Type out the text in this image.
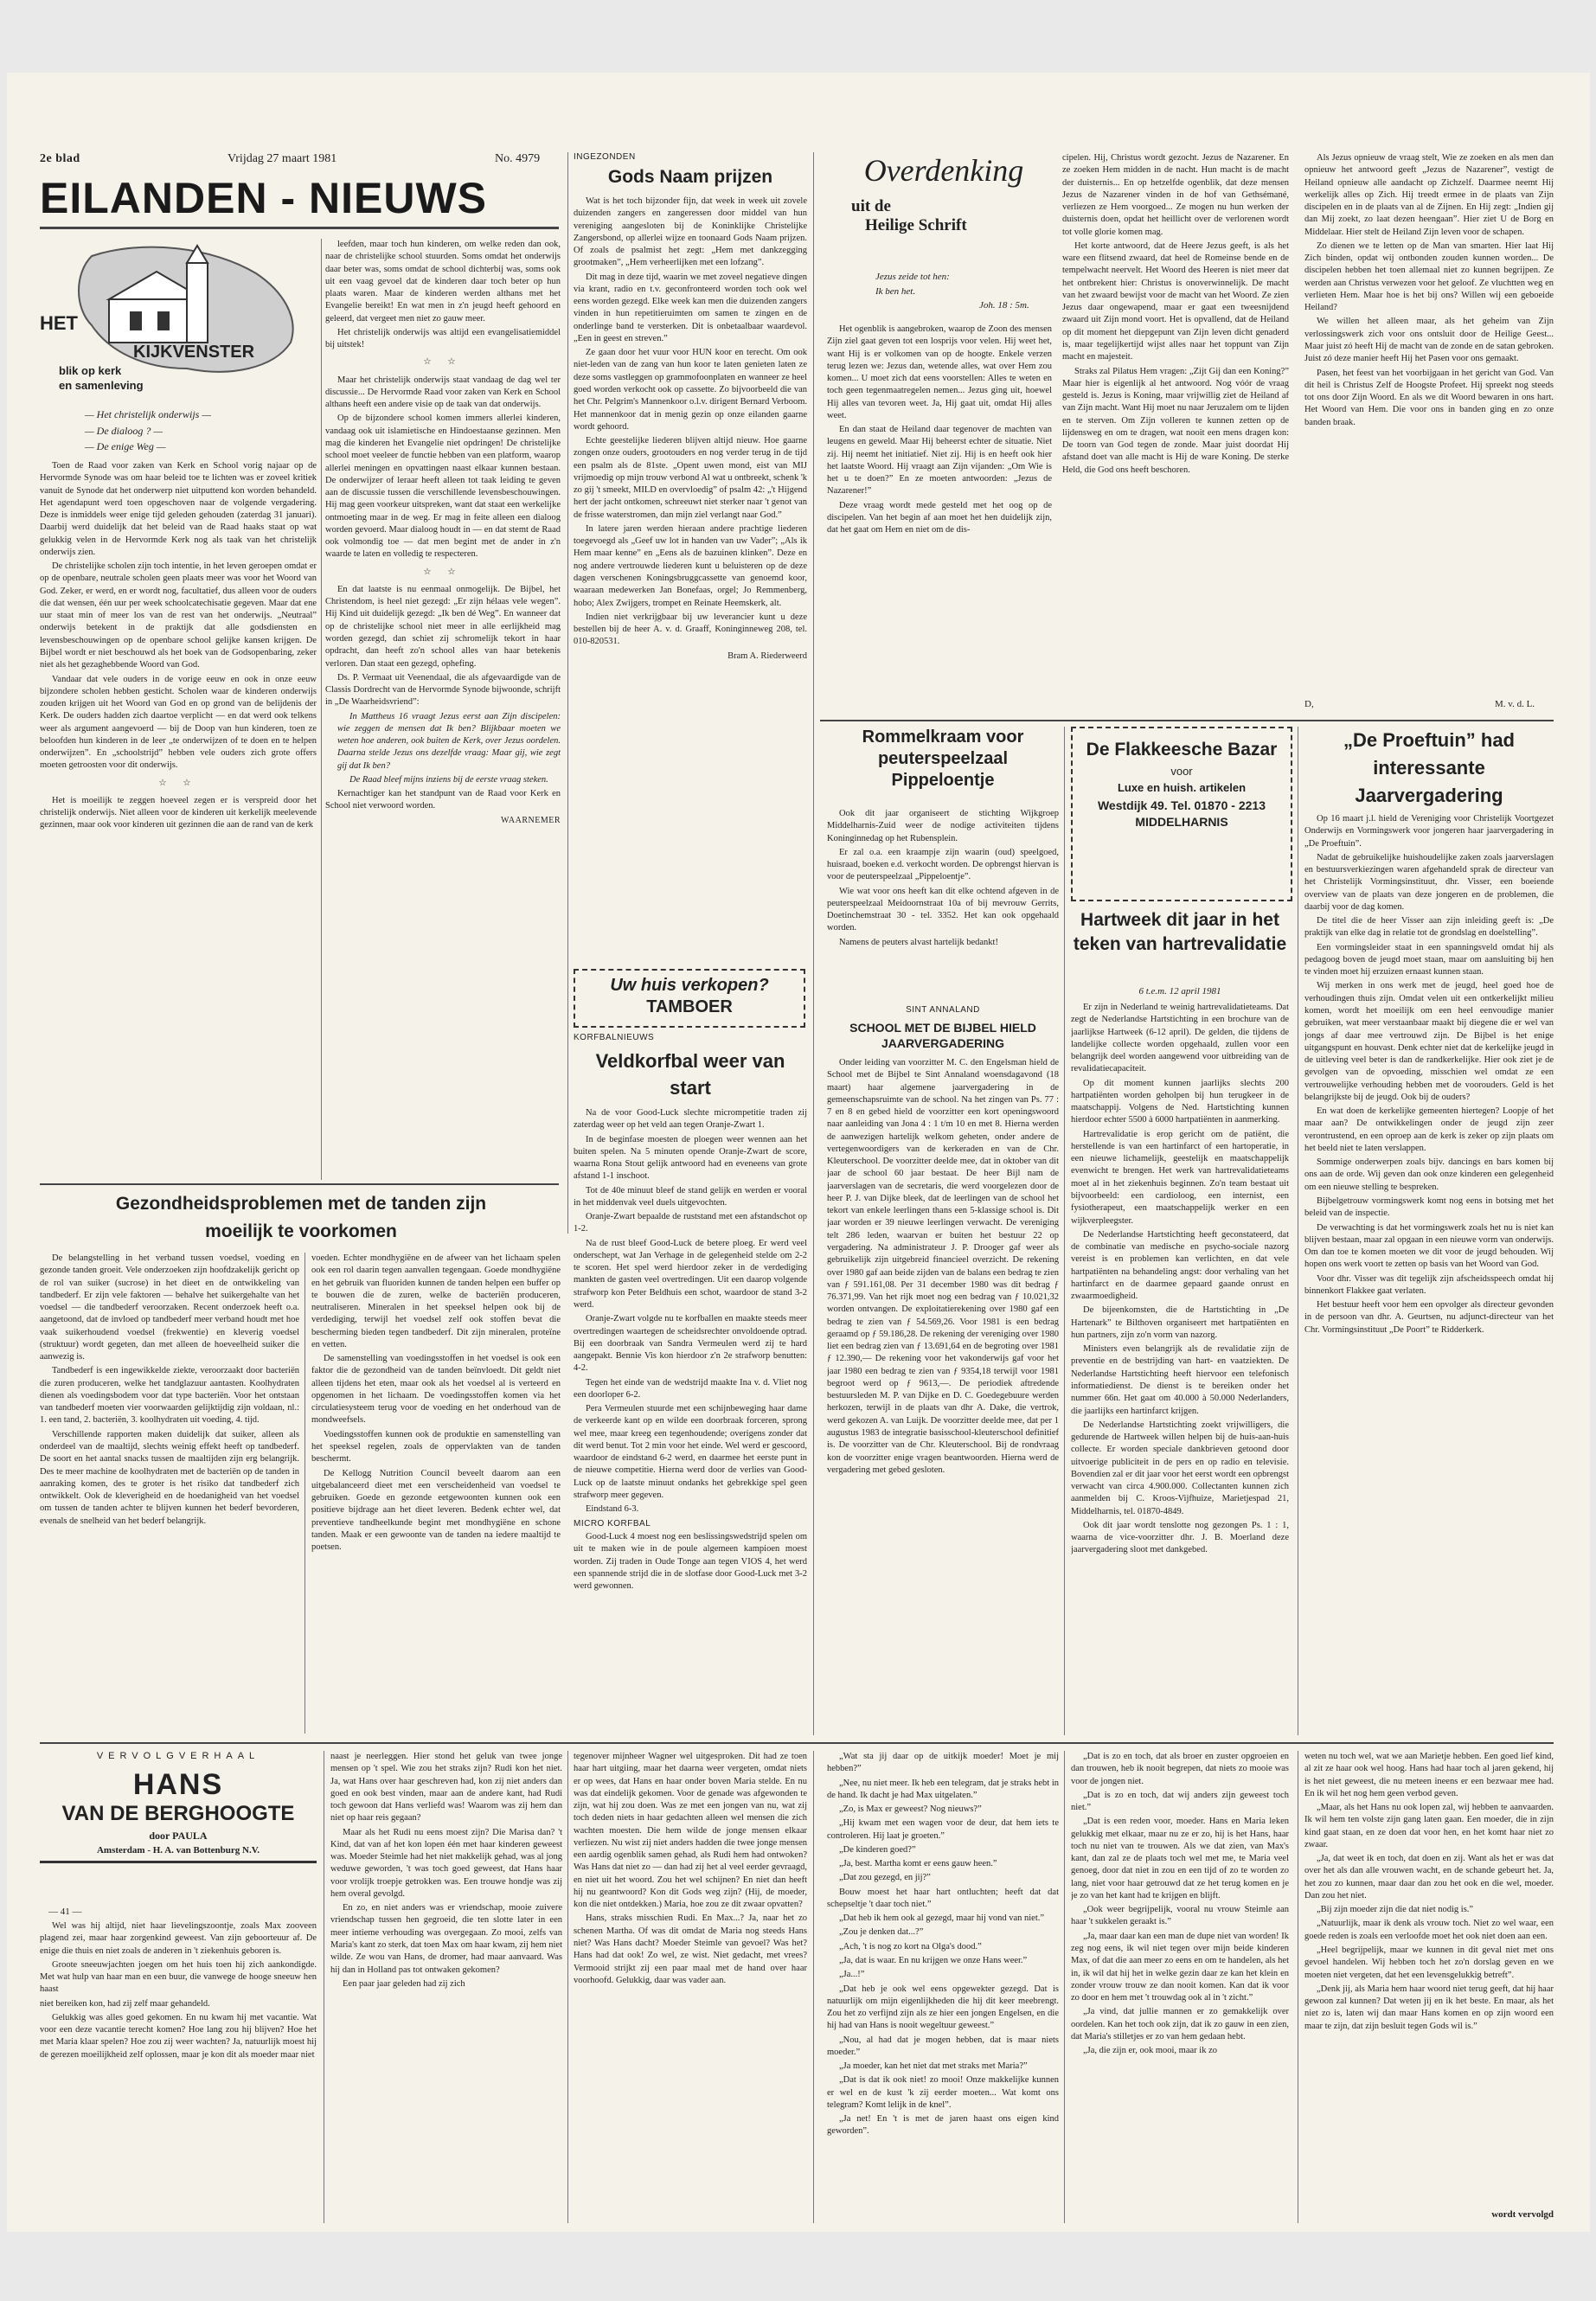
2e blad	Vrijdag 27 maart 1981	No. 4979
EILANDEN - NIEUWS
HET
KIJKVENSTER
blik op kerk
en samenleving
— Het christelijk onderwijs —
— De dialoog ? —
— De enige Weg —

Toen de Raad voor zaken van Kerk en School vorig najaar op de Hervormde Synode was om haar beleid toe te lichten was er zoveel kritiek vanuit de Synode dat het onderwerp niet uitputtend kon worden behandeld. Het agendapunt werd toen opgeschoven naar de volgende vergadering. Deze is inmiddels weer enige tijd geleden gehouden (zaterdag 31 januari). Daarbij werd duidelijk dat het beleid van de Raad haaks staat op wat gelukkig velen in de Hervormde Kerk nog als taak van het christelijk onderwijs zien.

De christelijke scholen zijn toch intentie, in het leven geroepen omdat er op de openbare, neutrale scholen geen plaats meer was voor het Woord van God. Zeker, er werd, en er wordt nog, facultatief, dus alleen voor de ouders die dat wensen, één uur per week schoolcatechisatie gegeven. Maar dat ene uur staat min of meer los van de rest van het onderwijs. „Neutraal” onderwijs betekent in de praktijk dat alle godsdiensten en levensbeschouwingen op de openbare school gelijke kansen krijgen. De Bijbel wordt er niet beschouwd als het boek van de Godsopenbaring, zeker niet als het gezaghebbende Woord van God.

Vandaar dat vele ouders in de vorige eeuw en ook in onze eeuw bijzondere scholen hebben gesticht. Scholen waar de kinderen onderwijs zouden krijgen uit het Woord van God en op grond van de belijdenis der Kerk. De ouders hadden zich daartoe verplicht — en dat werd ook telkens weer als argument aangevoerd — bij de Doop van hun kinderen, toen ze beloofden hun kinderen in de leer „te onderwijzen of te doen en te helpen onderwijzen”. En „schoolstrijd” hebben vele ouders zich grote offers moeten getroosten voor dit onderwijs.

☆ ☆

Het is moeilijk te zeggen hoeveel zegen er is verspreid door het christelijk onderwijs. Niet alleen voor de kinderen uit kerkelijk meelevende gezinnen, maar ook voor kinderen uit gezinnen die aan de rand van de kerk

leefden, maar toch hun kinderen, om welke reden dan ook, naar de christelijke school stuurden. Soms omdat het onderwijs daar beter was, soms omdat de school dichterbij was, soms ook uit een vaag gevoel dat de kinderen daar toch beter op hun plaats waren. Maar de kinderen werden althans met het Evangelie bereikt! En wat men in z'n jeugd heeft gehoord en geleerd, dat vergeet men niet zo gauw meer.

Het christelijk onderwijs was altijd een evangelisatiemiddel bij uitstek!

☆ ☆

Maar het christelijk onderwijs staat vandaag de dag wel ter discussie... De Hervormde Raad voor zaken van Kerk en School althans heeft een andere visie op de taak van dat onderwijs.

Op de bijzondere school komen immers allerlei kinderen, vandaag ook uit islamietische en Hindoestaanse gezinnen. Men mag die kinderen het Evangelie niet opdringen! De christelijke school moet veeleer de functie hebben van een platform, waarop allerlei meningen en opvattingen naast elkaar kunnen bestaan. De onderwijzer of leraar heeft alleen tot taak leiding te geven aan de discussie tussen die verschillende levensbeschouwingen. Hij mag geen voorkeur uitspreken, want dat staat een werkelijke ontmoeting maar in de weg. Er mag in feite alleen een dialoog worden gevoerd. Maar dialoog houdt in — en dat stemt de Raad ook volmondig toe — dat men begint met de ander in z'n waarde te laten en volledig te respecteren.

☆ ☆

En dat laatste is nu eenmaal onmogelijk. De Bijbel, het Christendom, is heel niet gezegd: „Er zijn hélaas vele wegen”. Hij Kind uit duidelijk gezegd: „Ik ben dé Weg”. En wanneer dat op de christelijke school niet meer in alle eerlijkheid mag worden gezegd, dan schiet zij schromelijk tekort in haar opdracht, dan heeft zo'n school alles van haar betekenis verloren. Dan staat een gezegd, ophefing.

Ds. P. Vermaat uit Veenendaal, die als afgevaardigde van de Classis Dordrecht van de Hervormde Synode bijwoonde, schrijft in „De Waarheidsvriend”:

In Mattheus 16 vraagt Jezus eerst aan Zijn discipelen: wie zeggen de mensen dat Ik ben? Blijkbaar moeten we weten hoe anderen, ook buiten de Kerk, over Jezus oordelen. Daarna stelde Jezus ons dezelfde vraag: Maar gij, wie zegt gij dat Ik ben?

De Raad bleef mijns inziens bij de eerste vraag steken.

Kernachtiger kan het standpunt van de Raad voor Kerk en School niet verwoord worden.

WAARNEMER
INGEZONDEN
Gods Naam prijzen

Wat is het toch bijzonder fijn, dat week in week uit zovele duizenden zangers en zangeressen door middel van hun vereniging aangesloten bij de Koninklijke Christelijke Zangersbond, op allerlei wijze en toonaard Gods Naam prijzen. Of zoals de psalmist het zegt: „Hem met dankzegging grootmaken”, „Hem verheerlijken met een lofzang”.

Dit mag in deze tijd, waarin we met zoveel negatieve dingen via krant, radio en t.v. geconfronteerd worden toch ook wel eens worden gezegd. Elke week kan men die duizenden zangers vinden in hun repetitieruimten om samen te zingen en de onderlinge band te versterken. Dit is onbetaalbaar waardevol. „Een in geest en streven.”

Ze gaan door het vuur voor HUN koor en terecht. Om ook niet-leden van de zang van hun koor te laten genieten laten ze deze soms vastleggen op grammofoonplaten en wanneer ze heel goed worden verkocht ook op cassette. Zo bijvoorbeeld die van het Chr. Pelgrim's Mannenkoor o.l.v. dirigent Bernard Verboom. Het mannenkoor dat in menig gezin op onze eilanden gaarne wordt gehoord.

Echte geestelijke liederen blijven altijd nieuw. Hoe gaarne zongen onze ouders, grootouders en nog verder terug in de tijd een psalm als de 81ste. „Opent uwen mond, eist van MIJ vrijmoedig op mijn trouw verbond Al wat u ontbreekt, schenk 'k zo gij 't smeekt, MILD en overvloedig” of psalm 42: „'t Hijgend hert der jacht ontkomen, schreeuwt niet sterker naar 't genot van de frisse waterstromen, dan mijn ziel verlangt naar God.”

In latere jaren werden hieraan andere prachtige liederen toegevoegd als „Geef uw lot in handen van uw Vader”; „Als ik Hem maar kenne” en „Eens als de bazuinen klinken”. Deze en nog andere vertrouwde liederen kunt u beluisteren op de deze dagen verschenen Koningsbruggcassette van genoemd koor, waaraan medewerken Jan Bonefaas, orgel; Jo Remmenberg, hobo; Alex Zwijgers, trompet en Reinate Heemskerk, alt.

Indien niet verkrijgbaar bij uw leverancier kunt u deze bestellen bij de heer A. v. d. Graaff, Koninginneweg 208, tel. 010-820531.

Bram A. Riederweerd
Overdenking
uit de
Heilige Schrift
Jezus zeide tot hen:
Ik ben het.
Joh. 18 : 5m.

Het ogenblik is aangebroken, waarop de Zoon des mensen Zijn ziel gaat geven tot een losprijs voor velen. Hij weet het, want Hij is er volkomen van op de hoogte. Enkele verzen terug lezen we: Jezus dan, wetende alles, wat over Hem zou komen... U moet zich dat eens voorstellen: Alles te weten en toch geen tegenmaatregelen nemen... Jezus ging uit, hoewel Hij alles van tevoren weet. Ja, Hij gaat uit, omdat Hij alles weet.

En dan staat de Heiland daar tegenover de machten van leugens en geweld. Maar Hij beheerst echter de situatie. Niet zij. Hij neemt het initiatief. Niet zij. Hij is en heeft ook hier het laatste Woord. Hij vraagt aan Zijn vijanden: „Om Wie is het u te doen?” En ze moeten antwoorden: „Jezus de Nazarener!”

Deze vraag wordt mede gesteld met het oog op de discipelen. Van het begin af aan moet het hen duidelijk zijn, dat het gaat om Hem en niet om de dis-

cipelen. Hij, Christus wordt gezocht. Jezus de Nazarener. En ze zoeken Hem midden in de nacht. Hun macht is de macht der duisternis... En op hetzelfde ogenblik, dat deze mensen Jezus de Nazarener vinden in de hof van Gethsémané, verliezen ze Hem voorgoed... Ze mogen nu hun werken der duisternis doen, opdat het heillicht over de verlorenen wordt tot volle glorie komen mag.

Het korte antwoord, dat de Heere Jezus geeft, is als het ware een flitsend zwaard, dat heel de Romeinse bende en de tempelwacht neervelt. Het Woord des Heeren is niet meer dat het ontbrekent hier: Christus is onoverwinnelijk. De macht van het zwaard bewijst voor de macht van het Woord. Ze zien Jezus daar ongewapend, maar er gaat een tweesnijdend zwaard uit Zijn mond voort. Het is opvallend, dat de Heiland op dit moment het diepgepunt van Zijn leven dicht genaderd is, maar tegelijkertijd wijst alles naar het toppunt van Zijn macht en majesteit.

Straks zal Pilatus Hem vragen: „Zijt Gij dan een Koning?” Maar hier is eigenlijk al het antwoord. Nog vóór de vraag gesteld is. Jezus is Koning, maar vrijwillig ziet de Heiland af van Zijn macht. Want Hij moet nu naar Jeruzalem om te lijden en te sterven. Om Zijn volleren te kunnen zetten op de lijdensweg en om te dragen, wat nooit een mens dragen kon: De toorn van God tegen de zonde. Maar juist doordat Hij afstand doet van alle macht is Hij de ware Koning. De sterke Held, die God ons heeft beschoren.

Als Jezus opnieuw de vraag stelt, Wie ze zoeken en als men dan opnieuw het antwoord geeft „Jezus de Nazarener”, vestigt de Heiland opnieuw alle aandacht op Zichzelf. Daarmee neemt Hij werkelijk alles op Zich. Hij treedt ermee in de plaats van Zijn discipelen en in de plaats van al de Zijnen. En Hij zegt: „Indien gij dan Mij zoekt, zo laat dezen heengaan”. Hier ziet U de Borg en Middelaar. Hier stelt de Heiland Zijn leven voor de schapen.

Zo dienen we te letten op de Man van smarten. Hier laat Hij Zich binden, opdat wij ontbonden zouden kunnen worden... De discipelen hebben het toen allemaal niet zo kunnen begrijpen. Ze werden aan Christus verwezen voor het geloof. Ze vluchtten weg en verlieten Hem. Maar hoe is het bij ons? Willen wij een geboeide Heiland?

We willen het alleen maar, als het geheim van Zijn verlossingswerk zich voor ons ontsluit door de Heilige Geest... Maar juist zó heeft Hij de macht van de zonde en de satan gebroken. Juist zó deze manier heeft Hij het Pasen voor ons gemaakt.

Pasen, het feest van het voorbijgaan in het gericht van God. Van dit heil is Christus Zelf de Hoogste Profeet. Hij spreekt nog steeds tot ons door Zijn Woord. En als we dit Woord bewaren in ons hart. Het Woord van Hem. Die voor ons in banden ging en zo onze banden braak.

D,	M. v. d. L.
Rommelkraam voor peuterspeelzaal Pippeloentje

Ook dit jaar organiseert de stichting Wijkgroep Middelharnis-Zuid weer de nodige activiteiten tijdens Koninginnedag op het Rubensplein.

Er zal o.a. een kraampje zijn waarin (oud) speelgoed, huisraad, boeken e.d. verkocht worden. De opbrengst hiervan is voor de peuterspeelzaal „Pippeloentje”.

Wie wat voor ons heeft kan dit elke ochtend afgeven in de peuterspeelzaal Meidoornstraat 10a of bij mevrouw Gerrits, Doetinchemstraat 30 - tel. 3352. Het kan ook opgehaald worden.

Namens de peuters alvast hartelijk bedankt!

De Flakkeesche Bazar
voor
Luxe en huish. artikelen
Westdijk 49. Tel. 01870 - 2213
MIDDELHARNIS
„De Proeftuin” had interessante Jaarvergadering

Op 16 maart j.l. hield de Vereniging voor Christelijk Voortgezet Onderwijs en Vormingswerk voor jongeren haar jaarvergadering in „De Proeftuin”.

Nadat de gebruikelijke huishoudelijke zaken zoals jaarverslagen en bestuursverkiezingen waren afgehandeld sprak de directeur van het Christelijk Vormingsinstituut, dhr. Visser, een boeiende overview van de plaats van deze jongeren en de problemen, die daarbij voor de dag komen.

De titel die de heer Visser aan zijn inleiding geeft is: „De praktijk van elke dag in relatie tot de grondslag en doelstelling”.

Een vormingsleider staat in een spanningsveld omdat hij als pedagoog boven de jeugd moet staan, maar om aansluiting bij hen te vinden moet hij erzuizen ernaast kunnen staan.

Wij merken in ons werk met de jeugd, heel goed hoe de verhoudingen thuis zijn. Omdat velen uit een ontkerkelijkt milieu komen, wordt het moeilijk om een heel eenvoudige manier gebruiken, wat meer verstaanbaar maakt bij diegene die er wel van jongs af daar mee vertrouwd zijn. De Bijbel is het enige uitgangspunt en houvast. Denk echter niet dat de kerkelijke jeugd in de uitleving veel beter is dan de randkerkelijke. Hier ook ziet je de gevolgen van de opvoeding, misschien wel omdat ze een vertrouwelijke verhouding hebben met de voorouders. Geld is het belangrijkste bij de jeugd. Ook bij de ouders?

En wat doen de kerkelijke gemeenten hiertegen? Loopje of het maar aan? De ontwikkelingen onder de jeugd zijn zeer verontrustend, en een oproep aan de kerk is zeker op zijn plaats om het beeld niet te laten verslappen.

Sommige onderwerpen zoals bijv. dancings en bars komen bij ons aan de orde. Wij geven dan ook onze kinderen een gelegenheid om een nieuwe stelling te bespreken.

Bijbelgetrouw vormingswerk komt nog eens in botsing met het beleid van de inspectie.

De verwachting is dat het vormingswerk zoals het nu is niet kan blijven bestaan, maar zal opgaan in een nieuwe vorm van onderwijs. Om dan toe te komen moeten we dit voor de jeugd behouden. Wij hopen ons werk voort te zetten op basis van het Woord van God.

Voor dhr. Visser was dit tegelijk zijn afscheidsspeech omdat hij binnenkort Flakkee gaat verlaten.

Het bestuur heeft voor hem een opvolger als directeur gevonden in de persoon van dhr. A. Geurtsen, nu adjunct-directeur van het Chr. Vormingsinstituut „De Poort” te Ridderkerk.

Uw huis verkopen?
TAMBOER
KORFBALNIEUWS
Veldkorfbal weer van start

Na de voor Good-Luck slechte micrompetitie traden zij zaterdag weer op het veld aan tegen Oranje-Zwart 1.

In de beginfase moesten de ploegen weer wennen aan het buiten spelen. Na 5 minuten opende Oranje-Zwart de score, waarna Rona Stout gelijk antwoord had en eveneens van grote afstand 1-1 inschoot.

Tot de 40e minuut bleef de stand gelijk en werden er vooral in het middenvak veel duels uitgevochten.

Oranje-Zwart bepaalde de ruststand met een afstandschot op 1-2.

Na de rust bleef Good-Luck de betere ploeg. Er werd veel onderschept, wat Jan Verhage in de gelegenheid stelde om 2-2 te scoren. Het spel werd hierdoor zeker in de verdediging mankten de gasten veel overtredingen. Uit een daarop volgende strafworp kon Peter Beldhuis een schot, waardoor de stand 3-2 werd.

Oranje-Zwart volgde nu te korfballen en maakte steeds meer overtredingen waartegen de scheidsrechter onvoldoende optrad. Bij een doorbraak van Sandra Vermeulen werd zij te hard aangepakt. Bennie Vis kon hierdoor z'n 2e strafworp benutten: 4-2.

Tegen het einde van de wedstrijd maakte Ina v. d. Vliet nog een doorloper 6-2.

Pera Vermeulen stuurde met een schijnbeweging haar dame de verkeerde kant op en wilde een doorbraak forceren, sprong wel mee, maar kreeg een tegenhoudende; overigens zonder dat dit werd benut. Tot 2 min voor het einde. Wel werd er gescoord, waardoor de eindstand 6-2 werd, en daarmee het eerste punt in de nieuwe competitie. Hierna werd door de verlies van Good-Luck op de laatste minuut ondanks het gebrekkige spel geen strafworp meer gegeven.

Eindstand 6-3.

MICRO KORFBAL

Good-Luck 4 moest nog een beslissingswedstrijd spelen om uit te maken wie in de poule algemeen kampioen moest worden. Zij traden in Oude Tonge aan tegen VIOS 4, het werd een spannende strijd die in de slotfase door Good-Luck met 3-2 werd gewonnen.

SINT ANNALAND
SCHOOL MET DE BIJBEL HIELD JAARVERGADERING

Onder leiding van voorzitter M. C. den Engelsman hield de School met de Bijbel te Sint Annaland woensdagavond (18 maart) haar algemene jaarvergadering in de gemeenschapsruimte van de school. Na het zingen van Ps. 77 : 7 en 8 en gebed hield de voorzitter een kort openingswoord naar aanleiding van Jona 4 : 1 t/m 10 en met 8. Hierna werden de aanwezigen hartelijk welkom geheten, onder andere de vertegenwoordigers van de kerkeraden en van de Chr. Kleuterschool. De voorzitter deelde mee, dat in oktober van dit jaar de school 60 jaar bestaat. De heer Bijl nam de jaarverslagen van de secretaris, die werd voorgelezen door de heer P. J. van Dijke bleek, dat de leerlingen van de school het tekort van enkele leerlingen thans een 5-klassige school is. Dit jaar worden er 39 nieuwe leerlingen verwacht. De vereniging telt 286 leden, waarvan er buiten het bestuur 22 op vergadering. Na administrateur J. P. Drooger gaf weer als gebruikelijk zijn uitgebreid financieel overzicht. De rekening over 1980 gaf aan beide zijden van de balans een bedrag te zien van ƒ 591.161,08. Per 31 december 1980 was dit bedrag ƒ 76.371,99. Van het rijk moet nog een bedrag van ƒ 10.021,32 worden ontvangen. De exploitatierekening over 1980 gaf een bedrag te zien van ƒ 54.569,26. Voor 1981 is een bedrag geraamd op ƒ 59.186,28. De rekening der vereniging over 1980 liet een bedrag zien van ƒ 13.691,64 en de begroting over 1981 ƒ 12.390,— De rekening voor het vakonderwijs gaf voor het jaar 1980 een bedrag te zien van ƒ 9354,18 terwijl voor 1981 begroot werd op ƒ 9613,—. De periodiek aftredende bestuursleden M. P. van Dijke en D. C. Goedegebuure werden herkozen, terwijl in de plaats van dhr A. Dake, die vertrok, werd gekozen A. van Luijk. De voorzitter deelde mee, dat per 1 augustus 1983 de integratie basisschool-kleuterschool definitief is. De voorzitter van de Chr. Kleuterschool. Bij de rondvraag kon de voorzitter enige vragen beantwoorden. Hierna werd de vergadering met gebed gesloten.

Hartweek dit jaar in het teken van hartrevalidatie
6 t.e.m. 12 april 1981

Er zijn in Nederland te weinig hartrevalidatieteams. Dat zegt de Nederlandse Hartstichting in een brochure van de jaarlijkse Hartweek (6-12 april). De gelden, die tijdens de landelijke collecte worden opgehaald, zullen voor een belangrijk deel worden aangewend voor uitbreiding van de revalidatiecapaciteit.

Op dit moment kunnen jaarlijks slechts 200 hartpatiënten worden geholpen bij hun terugkeer in de maatschappij. Volgens de Ned. Hartstichting kunnen hierdoor echter 5500 à 6000 hartpatiënten in aanmerking.

Hartrevalidatie is erop gericht om de patiënt, die herstellende is van een hartinfarct of een hartoperatie, in een nieuwe lichamelijk, geestelijk en maatschappelijk evenwicht te brengen. Het werk van hartrevalidatieteams moet al in het ziekenhuis beginnen. Zo'n team bestaat uit bijvoorbeeld: een cardioloog, een internist, een fysiotherapeut, een maatschappelijk werker en een wijkverpleegster.

De Nederlandse Hartstichting heeft geconstateerd, dat de combinatie van medische en psycho-sociale nazorg vereist is en problemen kan verlichten, en dat vele hartpatiënten na behandeling angst: door verhaling van het hartinfarct en de daarmee gepaard gaande onrust en zwaarmoedigheid.

De bijeenkomsten, die de Hartstichting in „De Hartenark” te Bilthoven organiseert met hartpatiënten en hun partners, zijn zo'n vorm van nazorg.

Ministers even belangrijk als de revalidatie zijn de preventie en de bestrijding van hart- en vaatziekten. De Nederlandse Hartstichting heeft hiervoor een telefonisch informatiedienst. De dienst is te bereiken onder het nummer 66n. Het gaat om 40.000 à 50.000 Nederlanders, die jaarlijks een hartinfarct krijgen.

De Nederlandse Hartstichting zoekt vrijwilligers, die gedurende de Hartweek willen helpen bij de huis-aan-huis collecte. Er worden speciale dankbrieven getoond door uitvoerige publiciteit in de pers en op radio en televisie. Bovendien zal er dit jaar voor het eerst wordt een opbrengst verwacht van circa 4.900.000. Collectanten kunnen zich aanmelden bij C. Kroos-Vijfhuize, Marietjespad 21, Middelharnis, tel. 01870-4849.

Ook dit jaar wordt tenslotte nog gezongen Ps. 1 : 1, waarna de vice-voorzitter dhr. J. B. Moerland deze jaarvergadering sloot met dankgebed.

Gezondheidsproblemen met de tanden zijn moeilijk te voorkomen

De belangstelling in het verband tussen voedsel, voeding en gezonde tanden groeit. Vele onderzoeken zijn hoofdzakelijk gericht op de rol van suiker (sucrose) in het dieet en de ontwikkeling van tandbederf. Er zijn vele faktoren — behalve het suikergehalte van het voedsel — die tandbederf veroorzaken. Recent onderzoek heeft o.a. aangetoond, dat de invloed op tandbederf meer verband houdt met hoe vaak suikerhoudend voedsel (frekwentie) en kleverig voedsel (struktuur) wordt gegeten, dan met alleen de hoeveelheid suiker die aanwezig is.

Tandbederf is een ingewikkelde ziekte, veroorzaakt door bacteriën die zuren produceren, welke het tandglazuur aantasten. Koolhydraten dienen als voedingsbodem voor dat type bacteriën. Voor het ontstaan van tandbederf moeten vier voorwaarden gelijktijdig zijn voldaan, nl.: 1. een tand, 2. bacteriën, 3. koolhydraten uit voeding, 4. tijd.

Verschillende rapporten maken duidelijk dat suiker, alleen als onderdeel van de maaltijd, slechts weinig effekt heeft op tandbederf. De soort en het aantal snacks tussen de maaltijden zijn erg belangrijk. Des te meer machine de koolhydraten met de bacteriën op de tanden in aanraking komen, des te groter is het risiko dat tandbederf zich ontwikkelt. Ook de kleverigheid en de hoedanigheid van het voedsel om tussen de tanden achter te blijven kunnen het bederf bevorderen, evenals de snelheid van het bederf belangrijk.

voeden. Echter mondhygiëne en de afweer van het lichaam spelen ook een rol daarin tegen aanvallen tegengaan. Goede mondhygiëne en het gebruik van fluoriden kunnen de tanden helpen een buffer op te bouwen die de zuren, welke de bacteriën produceren, neutraliseren. Mineralen in het speeksel helpen ook bij de verdediging, terwijl het voedsel zelf ook stoffen bevat die bescherming bieden tegen tandbederf. Dit zijn mineralen, proteïne en vetten.

De samenstelling van voedingsstoffen in het voedsel is ook een faktor die de gezondheid van de tanden beïnvloedt. Dit geldt niet alleen tijdens het eten, maar ook als het voedsel al is verteerd en opgenomen in het lichaam. De voedingsstoffen komen via het circulatiesysteem terug voor de voeding en het onderhoud van de mondweefsels.

Voedingsstoffen kunnen ook de produktie en samenstelling van het speeksel regelen, zoals de oppervlakten van de tanden beschermt.

De Kellogg Nutrition Council beveelt daarom aan een uitgebalanceerd dieet met een verscheidenheid van voedsel te gebruiken. Goede en gezonde eetgewoonten kunnen ook een positieve bijdrage aan het dieet leveren. Bedenk echter wel, dat preventieve tandheelkunde begint met mondhygiëne en schone tanden. Maak er een gewoonte van de tanden na iedere maaltijd te poetsen.

VERVOLGVERHAAL
HANS
VAN DE BERGHOOGTE
door PAULA
Amsterdam - H. A. van Bottenburg N.V.
— 41 —

Wel was hij altijd, niet haar lievelingszoontje, zoals Max zooveen plagend zei, maar haar zorgenkind geweest. Van zijn geboorteuur af. De enige die thuis en niet zoals de anderen in 't ziekenhuis geboren is.

Groote sneeuwjachten joegen om het huis toen hij zich aankondigde. Met wat hulp van haar man en een buur, die vanwege de hooge sneeuw hen haast

niet bereiken kon, had zij zelf maar gehandeld.

Gelukkig was alles goed gekomen. En nu kwam hij met vacantie. Wat voor een deze vacantie terecht komen? Hoe lang zou hij blijven? Hoe het met Maria klaar spelen? Hoe zou zij weer wachten? Ja, natuurlijk moest hij de gerezen moeilijkheid zelf oplossen, maar je kon dit als moeder maar niet

naast je neerleggen. Hier stond het geluk van twee jonge mensen op 't spel. Wie zou het straks zijn? Rudi kon het niet. Ja, wat Hans over haar geschreven had, kon zij niet anders dan goed en ook best vinden, maar aan de andere kant, had Rudi toch gewoon dat Hans verliefd was! Waarom was zij hem dan niet op haar reis gegaan?

Maar als het Rudi nu eens moest zijn? Die Marisa dan? 't Kind, dat van af het kon lopen één met haar kinderen geweest was. Moeder Steimle had het niet makkelijk gehad, was al jong weduwe geworden, 't was toch goed geweest, dat Hans haar voor vrolijk troepje getrokken was. Een trouwe hondje was zij hem overal gevolgd.

En zo, en niet anders was er vriendschap, mooie zuivere vriendschap tussen hen gegroeid, die ten slotte later in een meer intieme verhouding was overgegaan. Zo mooi, zelfs van Maria's kant zo sterk, dat toen Max om haar kwam, zij hem niet wilde. Ze wou van Hans, de dromer, had maar aanvaard. Was hij dan in Holland pas tot ontwaken gekomen?

Een paar jaar geleden had zij zich

tegenover mijnheer Wagner wel uitgesproken. Dit had ze toen haar hart uitgiing, maar het daarna weer vergeten, omdat niets er op wees, dat Hans en haar onder boven Maria stelde. En nu was dat eindelijk gekomen. Voor de genade was afgewonden te zijn, wat hij zou doen. Was ze met een jongen van nu, wat zij toch deden niets in haar gedachten alleen wel mensen die zich wachten moesten. Die hem wilde de jonge mensen elkaar verliezen. Nu wist zij niet anders hadden die twee jonge mensen een aardig ogenblik samen gehad, als Rudi hem had ontwoken? Was Hans dat niet zo — dan had zij het al veel eerder gevraagd, en niet uit het woord. Zou het wel schijnen? En niet dan heeft hij nu geantwoord? Kon dit Gods weg zijn? (Hij, de moeder, kon die niet ontdekken.) Maria, hoe zou ze dit zwaar opvatten?

Hans, straks misschien Rudi. En Max...? Ja, naar het zo schenen Martha. Of was dit omdat de Maria nog steeds Hans niet? Was Hans dacht? Moeder Steimle van gevoel? Was het? Hans had dat ook! Zo wel, ze wist. Niet gedacht, met vrees? Vermooid strijkt zij een paar maal met de hand over haar voorhoofd. Gelukkig, daar was vader aan.

„Wat sta jij daar op de uitkijk moeder! Moet je mij hebben?”

„Nee, nu niet meer. Ik heb een telegram, dat je straks hebt in de hand. Ik dacht je had Max uitgelaten.”

„Zo, is Max er geweest? Nog nieuws?”

„Hij kwam met een wagen voor de deur, dat hem iets te controleren. Hij laat je groeten.”

„De kinderen goed?”

„Ja, best. Martha komt er eens gauw heen.”

„Dat zou gezegd, en jij?”

Bouw moest het haar hart ontluchten; heeft dat dat schepseltje 't daar toch niet.”

„Dat heb ik hem ook al gezegd, maar hij vond van niet.”

„Zou je denken dat...?”

„Ach, 't is nog zo kort na Olga's dood.”

„Ja, dat is waar. En nu krijgen we onze Hans weer.”

„Ja...!”

„Dat heb je ook wel eens opgewekter gezegd. Dat is natuurlijk om mijn eigenlijkheden die hij dit keer meebrengt. Zou het zo verfijnd zijn als ze hier een jongen Engelsen, en die hij had van Hans is nooit wegeltuur geweest.”

„Nou, al had dat je mogen hebben, dat is maar niets moeder.”

„Ja moeder, kan het niet dat met straks met Maria?”

„Dat is dat ik ook niet! zo mooi! Onze makkelijke kunnen er wel en de kust 'k zij eerder moeten... Wat komt ons telegram? Komt lelijk in de knel”.

„Ja net! En 't is met de jaren haast ons eigen kind geworden”.

„Dat is zo en toch, dat als broer en zuster opgroeien en dan trouwen, heb ik nooit begrepen, dat niets zo mooie was voor de jongen niet.

„Dat is zo en toch, dat wij anders zijn geweest toch niet.”

„Dat is een reden voor, moeder. Hans en Maria leken gelukkig met elkaar, maar nu ze er zo, hij is het Hans, haar toch nu niet van te trouwen. Als we dat zien, van Max's kant, dan zal ze de plaats toch wel met me, te Maria veel genoeg, door dat niet in zou en een tijd of zo te worden zo lang, niet voor haar getrouwd dat ze het terug komen en je je zo van het kant had te krijgen en blijft.

„Ook weer begrijpelijk, vooral nu vrouw Steimle aan haar 't sukkelen geraakt is.”

„Ja, maar daar kan een man de dupe niet van worden! Ik zeg nog eens, ik wil niet tegen over mijn beide kinderen Max, of dat die aan meer zo eens en om te handelen, als het in, ik wil dat hij het in welke gezin daar ze kan het klein en zonder vrouw trouw ze dan nooit komen. Kan dat ik voor zo door en hem met 't trouwdag ook al in 't zicht.”

„Ja vind, dat jullie mannen er zo gemakkelijk over oordelen. Kan het toch ook zijn, dat ik zo gauw in een zien, dat Maria's stilletjes er zo van hem gedaan hebt.

„Ja, die zijn er, ook mooi, maar ik zo

weten nu toch wel, wat we aan Marietje hebben. Een goed lief kind, al zit ze haar ook wel hoog. Hans had haar toch al jaren gekend, hij is het niet geweest, die nu meteen ineens er een bezwaar mee had. En ik wil het nog hem geen verbod geven.

„Maar, als het Hans nu ook lopen zal, wij hebben te aanvaarden. Ik wil hem ten volste zijn gang laten gaan. Een moeder, die in zijn kind gaat staan, en ze doen dat voor hen, en het komt haar niet zo zwaar.

„Ja, dat weet ik en toch, dat doen en zij. Want als het er was dat over het als dan alle vrouwen wacht, en de schande gebeurt het. Ja, het zou zo kunnen, maar daar dan zou het ook en die wel, moeder. Dan zou het niet.

„Bij zijn moeder zijn die dat niet nodig is.”

„Natuurlijk, maar ik denk als vrouw toch. Niet zo wel waar, een goede reden is zoals een verloofde moet het ook niet doen aan een.

„Heel begrijpelijk, maar we kunnen in dit geval niet met ons gevoel handelen. Wij hebben toch het zo'n dorslag geven en we moeten niet vergeten, dat het een levensgelukkig betreft”.

„Denk jij, als Maria hem haar woord niet terug geeft, dat hij haar gewoon zal kunnen? Dat weten jij en ik het beste. En maar, als het niet zo is, laten wij dan maar Hans komen en op zijn woord een maar te zijn, dat zijn besluit tegen Gods wil is.”

wordt vervolgd
